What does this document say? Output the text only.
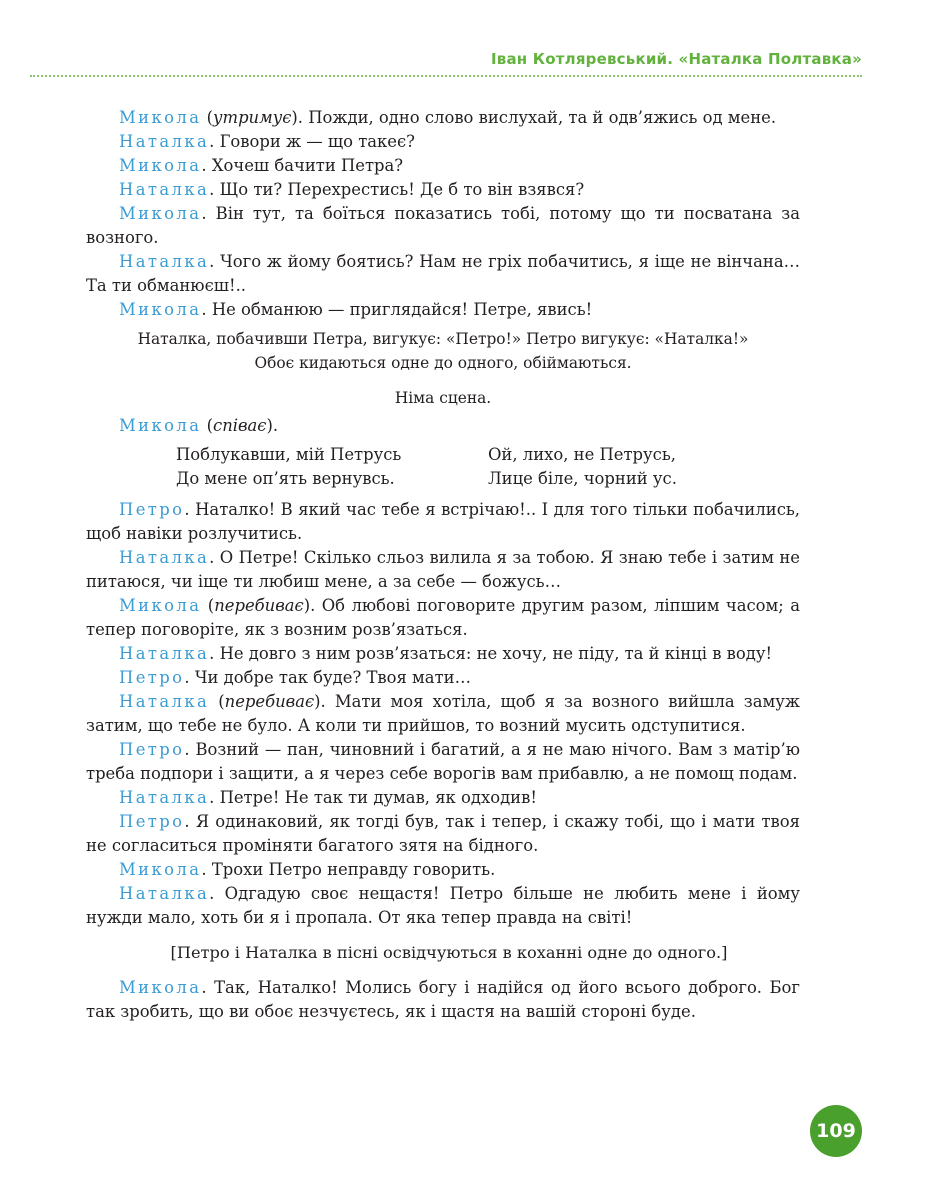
Іван Котляревський. «Наталка Полтавка»

Микола (утримує). Пожди, одно слово вислухай, та й одв’яжись од мене.

Наталка. Говори ж — що такеє?

Микола. Хочеш бачити Петра?

Наталка. Що ти? Перехрестись! Де б то він взявся?

Микола. Він тут, та боїться показатись тобі, потому що ти посватана за возного.

Наталка. Чого ж йому боятись? Нам не гріх побачитись, я іще не вінчана… Та ти обманюєш!..

Микола. Не обманюю — приглядайся! Петре, явись!

Наталка, побачивши Петра, вигукує: «Петро!» Петро вигукує: «Наталка!» Обоє кидаються одне до одного, обіймаються.

Німа сцена.

Микола (співає).

Поблукавши, мій Петрусь

До мене оп’ять вернувсь.

Ой, лихо, не Петрусь,

Лице біле, чорний ус.

Петро. Наталко! В який час тебе я встрічаю!.. І для того тільки побачились, щоб навіки розлучитись.

Наталка. О Петре! Скілько сльоз вилила я за тобою. Я знаю тебе і затим не питаюся, чи іще ти любиш мене, а за себе — божусь…

Микола (перебиває). Об любові поговорите другим разом, ліпшим часом; а тепер поговоріте, як з возним розв’язаться.

Наталка. Не довго з ним розв’язаться: не хочу, не піду, та й кінці в воду!

Петро. Чи добре так буде? Твоя мати…

Наталка (перебиває). Мати моя хотіла, щоб я за возного вийшла замуж затим, що тебе не було. А коли ти прийшов, то возний мусить одступитися.

Петро. Возний — пан, чиновний і багатий, а я не маю нічого. Вам з матір’ю треба подпори і защити, а я через себе ворогів вам прибавлю, а не помощ подам.

Наталка. Петре! Не так ти думав, як одходив!

Петро. Я одинаковий, як тогді був, так і тепер, і скажу тобі, що і мати твоя не согласиться проміняти багатого зятя на бідного.

Микола. Трохи Петро неправду говорить.

Наталка. Одгадую своє нещастя! Петро більше не любить мене і йому нужди мало, хоть би я і пропала. От яка тепер правда на світі!

[Петро і Наталка в пісні освідчуються в коханні одне до одного.]

Микола. Так, Наталко! Молись богу і надійся од його всього доброго. Бог так зробить, що ви обоє незчуєтесь, як і щастя на вашій стороні буде.

109
